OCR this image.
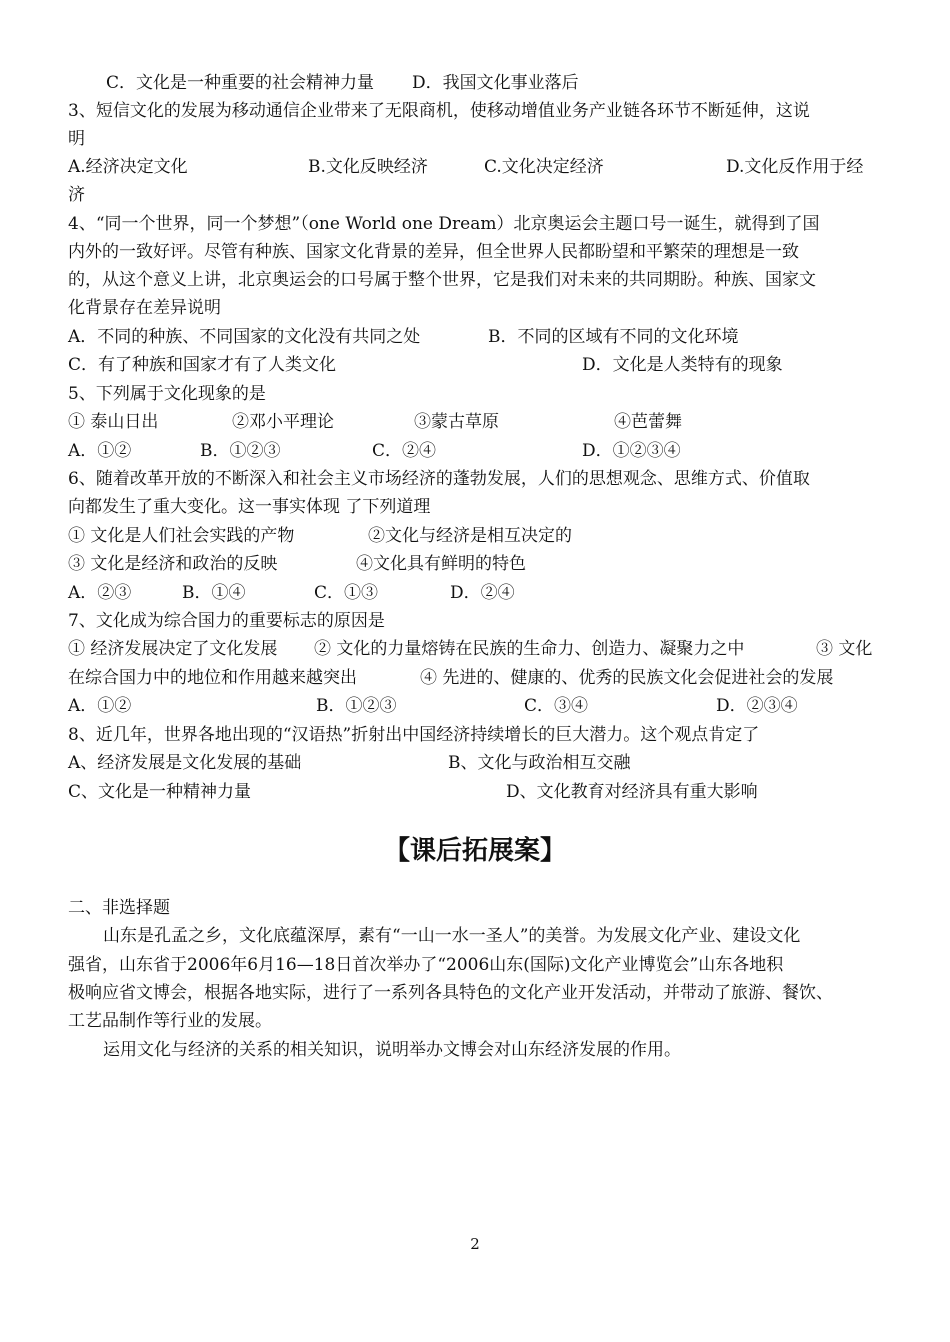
C．文化是一种重要的社会精神力量 D．我国文化事业落后
3、短信文化的发展为移动通信企业带来了无限商机，使移动增值业务产业链各环节不断延伸，这说
明
A.经济决定文化	B.文化反映经济	C.文化决定经济	D.文化反作用于经
济
4、“同一个世界，同一个梦想”（one World one Dream）北京奥运会主题口号一诞生，就得到了国
内外的一致好评。尽管有种族、国家文化背景的差异，但全世界人民都盼望和平繁荣的理想是一致
的，从这个意义上讲，北京奥运会的口号属于整个世界，它是我们对未来的共同期盼。种族、国家文
化背景存在差异说明
A．不同的种族、不同国家的文化没有共同之处	B．不同的区域有不同的文化环境
C．有了种族和国家才有了人类文化	D．文化是人类特有的现象
5、下列属于文化现象的是
① 泰山日出	②邓小平理论	③蒙古草原	④芭蕾舞
A．①②	B．①②③	C．②④	D．①②③④
6、随着改革开放的不断深入和社会主义市场经济的蓬勃发展，人们的思想观念、思维方式、价值取
向都发生了重大变化。这一事实体现 了下列道理
① 文化是人们社会实践的产物	②文化与经济是相互决定的
③ 文化是经济和政治的反映	④文化具有鲜明的特色
A．②③	B．①④	C．①③	D．②④
7、文化成为综合国力的重要标志的原因是
① 经济发展决定了文化发展 ② 文化的力量熔铸在民族的生命力、创造力、凝聚力之中	③ 文化
在综合国力中的地位和作用越来越突出	④ 先进的、健康的、优秀的民族文化会促进社会的发展
A．①②	B．①②③	C．③④	D．②③④
8、近几年，世界各地出现的“汉语热”折射出中国经济持续增长的巨大潜力。这个观点肯定了
A、经济发展是文化发展的基础	B、文化与政治相互交融
C、文化是一种精神力量	D、文化教育对经济具有重大影响
【课后拓展案】
二、非选择题
山东是孔孟之乡，文化底蕴深厚，素有“一山一水一圣人”的美誉。为发展文化产业、建设文化
强省，山东省于2006年6月16—18日首次举办了“2006山东(国际)文化产业博览会”山东各地积
极响应省文博会，根据各地实际，进行了一系列各具特色的文化产业开发活动，并带动了旅游、餐饮、
工艺品制作等行业的发展。
运用文化与经济的关系的相关知识，说明举办文博会对山东经济发展的作用。
2
